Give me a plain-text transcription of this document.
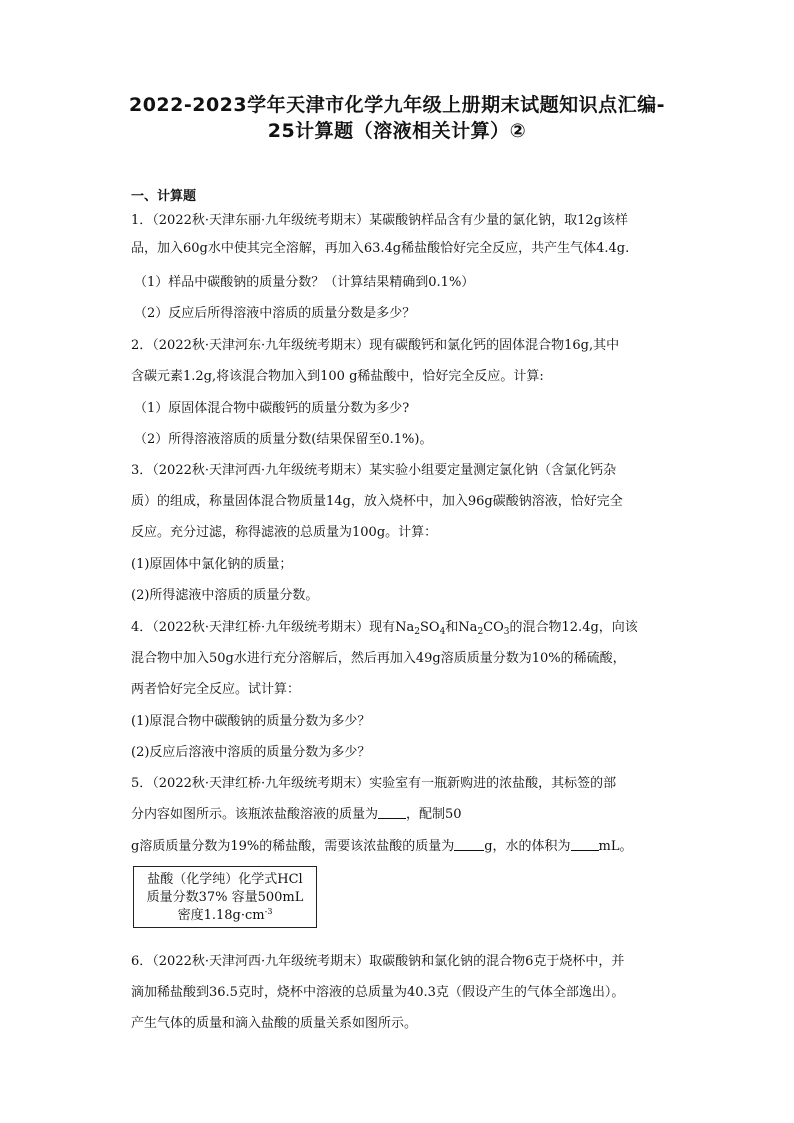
2022-2023学年天津市化学九年级上册期末试题知识点汇编-
25计算题（溶液相关计算）②
一、计算题
1．（2022秋·天津东丽·九年级统考期末）某碳酸钠样品含有少量的氯化钠，取12g该样
品，加入60g水中使其完全溶解，再加入63.4g稀盐酸恰好完全反应，共产生气体4.4g.
（1）样品中碳酸钠的质量分数？（计算结果精确到0.1%）
（2）反应后所得溶液中溶质的质量分数是多少？
2．（2022秋·天津河东·九年级统考期末）现有碳酸钙和氯化钙的固体混合物16g,其中
含碳元素1.2g,将该混合物加入到100 g稀盐酸中，恰好完全反应。计算:
（1）原固体混合物中碳酸钙的质量分数为多少?
（2）所得溶液溶质的质量分数(结果保留至0.1%)。
3．（2022秋·天津河西·九年级统考期末）某实验小组要定量测定氯化钠（含氯化钙杂
质）的组成，称量固体混合物质量14g，放入烧杯中，加入96g碳酸钠溶液，恰好完全
反应。充分过滤，称得滤液的总质量为100g。计算：
(1)原固体中氯化钠的质量；
(2)所得滤液中溶质的质量分数。
4．（2022秋·天津红桥·九年级统考期末）现有$Na_2SO_4$和$Na_2CO_3$的混合物12.4g，向该
混合物中加入50g水进行充分溶解后，然后再加入49g溶质质量分数为10%的稀硫酸，
两者恰好完全反应。试计算：
(1)原混合物中碳酸钠的质量分数为多少？
(2)反应后溶液中溶质的质量分数为多少？
5．（2022秋·天津红桥·九年级统考期末）实验室有一瓶新购进的浓盐酸，其标签的部
分内容如图所示。该瓶浓盐酸溶液的质量为 ，配制50
g溶质质量分数为19%的稀盐酸，需要该浓盐酸的质量为 g，水的体积为 mL。
盐酸（化学纯）化学式HCl
质量分数37% 容量500mL
密度$1.18g\cdot cm^{-3}$
6．（2022秋·天津河西·九年级统考期末）取碳酸钠和氯化钠的混合物6克于烧杯中，并
滴加稀盐酸到36.5克时，烧杯中溶液的总质量为40.3克（假设产生的气体全部逸出）。
产生气体的质量和滴入盐酸的质量关系如图所示。
